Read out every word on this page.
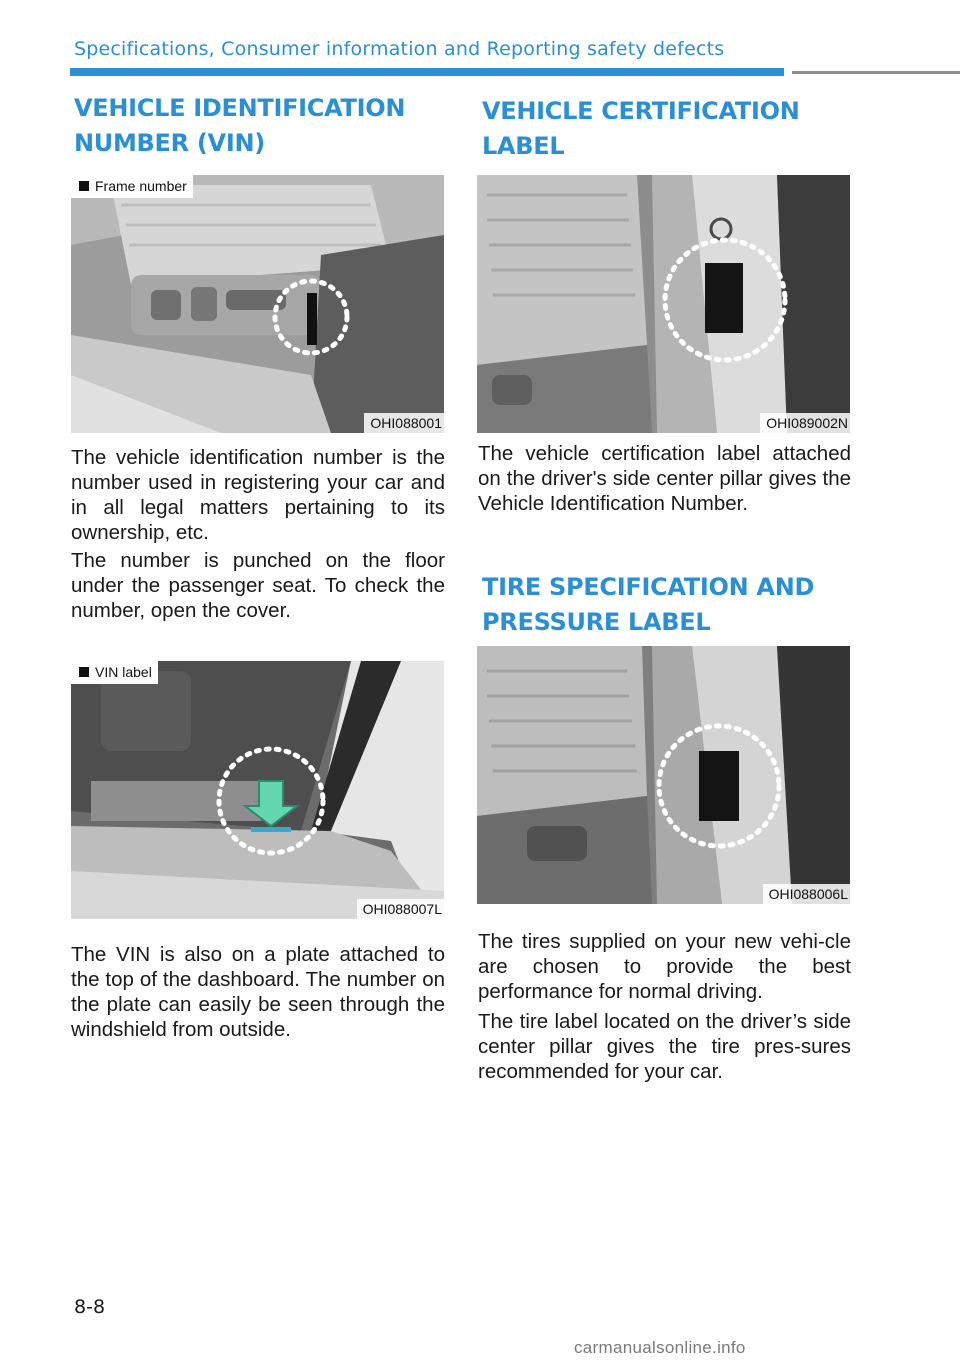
Specifications, Consumer information and Reporting safety defects
VEHICLE IDENTIFICATION
NUMBER (VIN)
Frame number
OHI088001

The vehicle identification number is the number used in registering your car and in all legal matters pertaining to its ownership, etc.

The number is punched on the floor under the passenger seat. To check the number, open the cover.

VIN label
OHI088007L

The VIN is also on a plate attached to the top of the dashboard. The number on the plate can easily be seen through the windshield from outside.

VEHICLE CERTIFICATION
LABEL
OHI089002N

The vehicle certification label attached on the driver's side center pillar gives the Vehicle Identification Number.

TIRE SPECIFICATION AND
PRESSURE LABEL
OHI088006L

The tires supplied on your new vehi-cle are chosen to provide the best performance for normal driving.

The tire label located on the driver’s side center pillar gives the tire pres-sures recommended for your car.

8-8
carmanualsonline.info
